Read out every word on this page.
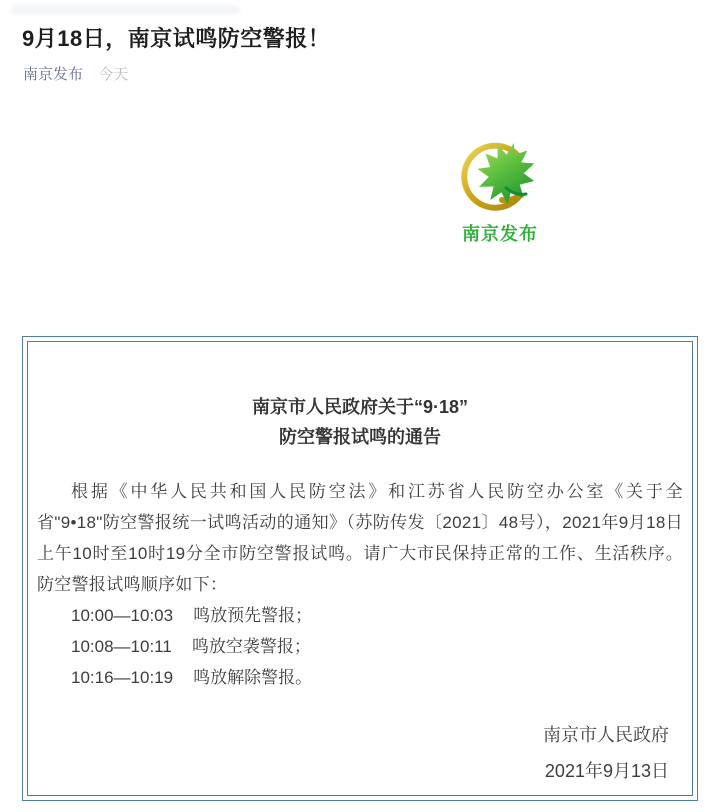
9月18日，南京试鸣防空警报！
南京发布 今天
南京发布
南京市人民政府关于“9·18”
防空警报试鸣的通告
根据《中华人民共和国人民防空法》和江苏省人民防空办公室《关于全省"9•18"防空警报统一试鸣活动的通知》（苏防传发〔2021〕48号），2021年9月18日上午10时至10时19分全市防空警报试鸣。请广大市民保持正常的工作、生活秩序。防空警报试鸣顺序如下：
10:00—10:03 鸣放预先警报；
10:08—10:11 鸣放空袭警报；
10:16—10:19 鸣放解除警报。
南京市人民政府
2021年9月13日
